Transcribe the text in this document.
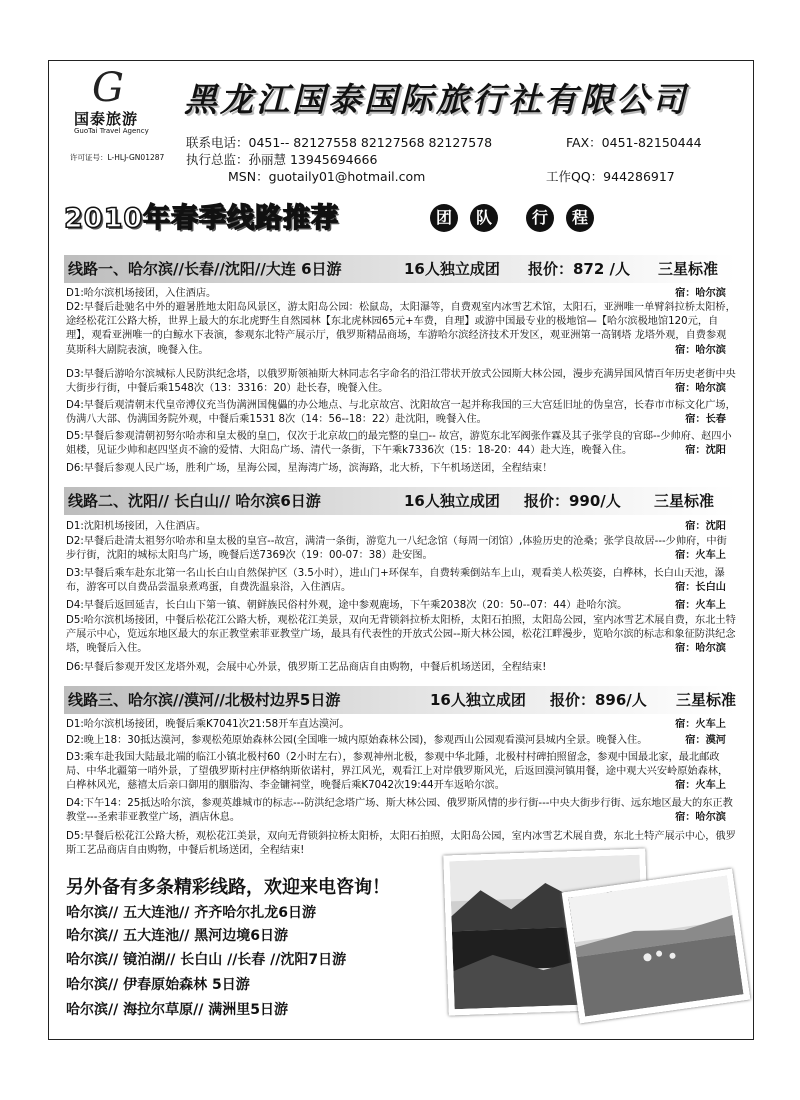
G
国泰旅游
GuoTai Travel Agency
许可证号：L-HLJ-GN01287
黑龙江国泰国际旅行社有限公司
联系电话：0451-- 82127558 82127568 82127578	FAX：0451-82150444
执行总监：孙丽慧 13945694666
MSN：guotaily01@hotmail.com	工作QQ：944286917
2010年春季线路推荐	团	队	行	程
线路一、哈尔滨//长春//沈阳//大连 6日游	16人独立成团 报价：872 /人 三星标准
D1:哈尔滨机场接团，入住酒店。	宿：哈尔滨
D2:早餐后赴驰名中外的避暑胜地太阳岛风景区，游太阳岛公园：松鼠岛，太阳瀑等，自费观室内冰雪艺术馆，太阳石，亚洲唯一单臂斜拉桥太阳桥，途经松花江公路大桥，世界上最大的东北虎野生自然园林【东北虎林园65元+车费，自理】或游中国最专业的极地馆—【哈尔滨极地馆120元，自理】，观看亚洲唯一的白鲸水下表演，参观东北特产展示厅，俄罗斯精品商场，车游哈尔滨经济技术开发区，观亚洲第一高钢塔 龙塔外观，自费参观莫斯科大剧院表演，晚餐入住。	宿：哈尔滨
D3:早餐后游哈尔滨城标人民防洪纪念塔，以俄罗斯领袖斯大林同志名字命名的沿江带状开放式公园斯大林公园，漫步充满异国风情百年历史老街中央大街步行街，中餐后乘1548次（13：3316：20）赴长春，晚餐入住。	宿：哈尔滨
D4:早餐后观清朝末代皇帝溥仪充当伪满洲国傀儡的办公地点、与北京故宫、沈阳故宫一起并称我国的三大宫廷旧址的伪皇宫，长春市市标文化广场，伪满八大部、伪满国务院外观，中餐后乘1531 8次（14：56--18：22）赴沈阳，晚餐入住。	宿：长春
D5:早餐后参观清朝初努尔哈赤和皇太极的皇□，仅次于北京故□的最完整的皇□-- 故宫，游览东北军阀张作霖及其子张学良的官邸--少帅府、赵四小姐楼，见证少帅和赵四坚贞不渝的爱情、大阳岛广场、清代一条街，下午乘k7336次（15：18-20：44）赴大连，晚餐入住。	宿：沈阳
D6:早餐后参观人民广场，胜利广场，星海公园，星海湾广场，滨海路，北大桥，下午机场送团，全程结束！
线路二、沈阳// 长白山// 哈尔滨6日游	16人独立成团 报价：990/人 三星标准
D1:沈阳机场接团，入住酒店。	宿：沈阳
D2:早餐后赴清太祖努尔哈赤和皇太极的皇宫--故宫，满清一条街，游览九一八纪念馆（每周一闭馆）,体验历史的沧桑；张学良故居---少帅府，中街步行街，沈阳的城标太阳鸟广场，晚餐后送7369次（19：00-07：38）赴安图。	宿：火车上
D3:早餐后乘车赴东北第一名山长白山自然保护区（3.5小时），进山门+环保车，自费转乘倒站车上山，观看美人松英姿，白桦林，长白山天池，瀑布，游客可以自费品尝温泉煮鸡蛋，自费洗温泉浴，入住酒店。	宿：长白山
D4:早餐后返回延吉，长白山下第一镇、朝鲜族民俗村外观，途中参观鹿场，下午乘2038次（20：50--07：44）赴哈尔滨。	宿：火车上
D5:哈尔滨机场接团，中餐后松花江公路大桥，观松花江美景，双向无背锁斜拉桥太阳桥，太阳石拍照，太阳岛公园，室内冰雪艺术展自费，东北土特产展示中心，览远东地区最大的东正教堂索菲亚教堂广场，最具有代表性的开放式公园--斯大林公园，松花江畔漫步，览哈尔滨的标志和象征防洪纪念塔，晚餐后入住。	宿：哈尔滨
D6:早餐后参观开发区龙塔外观，会展中心外景，俄罗斯工艺品商店自由购物，中餐后机场送团，全程结束!
线路三、哈尔滨//漠河//北极村边界5日游	16人独立成团 报价：896/人 三星标准
D1:哈尔滨机场接团，晚餐后乘K7041次21:58开车直达漠河。	宿：火车上
D2:晚上18：30抵达漠河，参观松苑原始森林公园(全国唯一城内原始森林公园)，参观西山公园观看漠河县城内全景。晚餐入住。	宿：漠河
D3:乘车赴我国大陆最北端的临江小镇北极村60（2小时左右），参观神州北极，参观中华北陲，北极村村碑拍照留念，参观中国最北家，最北邮政局、中华北疆第一哨外景，了望俄罗斯村庄伊格纳斯依诺村，界江风光，观看江上对岸俄罗斯风光，后返回漠河镇用餐，途中观大兴安岭原始森林，白桦林风光，慈禧太后亲口御用的胭脂沟、李金镛祠堂，晚餐后乘K7042次19:44开车返哈尔滨。	宿：火车上
D4:下午14：25抵达哈尔滨，参观英雄城市的标志---防洪纪念塔广场、斯大林公园、俄罗斯风情的步行街---中央大街步行街、远东地区最大的东正教教堂---圣索菲亚教堂广场，酒店休息。	宿：哈尔滨
D5:早餐后松花江公路大桥，观松花江美景，双向无背锁斜拉桥太阳桥，太阳石拍照，太阳岛公园，室内冰雪艺术展自费，东北土特产展示中心，俄罗斯工艺品商店自由购物，中餐后机场送团，全程结束!
另外备有多条精彩线路，欢迎来电咨询！
哈尔滨// 五大连池// 齐齐哈尔扎龙6日游
哈尔滨// 五大连池// 黑河边境6日游
哈尔滨// 镜泊湖// 长白山 //长春 //沈阳7日游
哈尔滨// 伊春原始森林 5日游
哈尔滨// 海拉尔草原// 满洲里5日游
